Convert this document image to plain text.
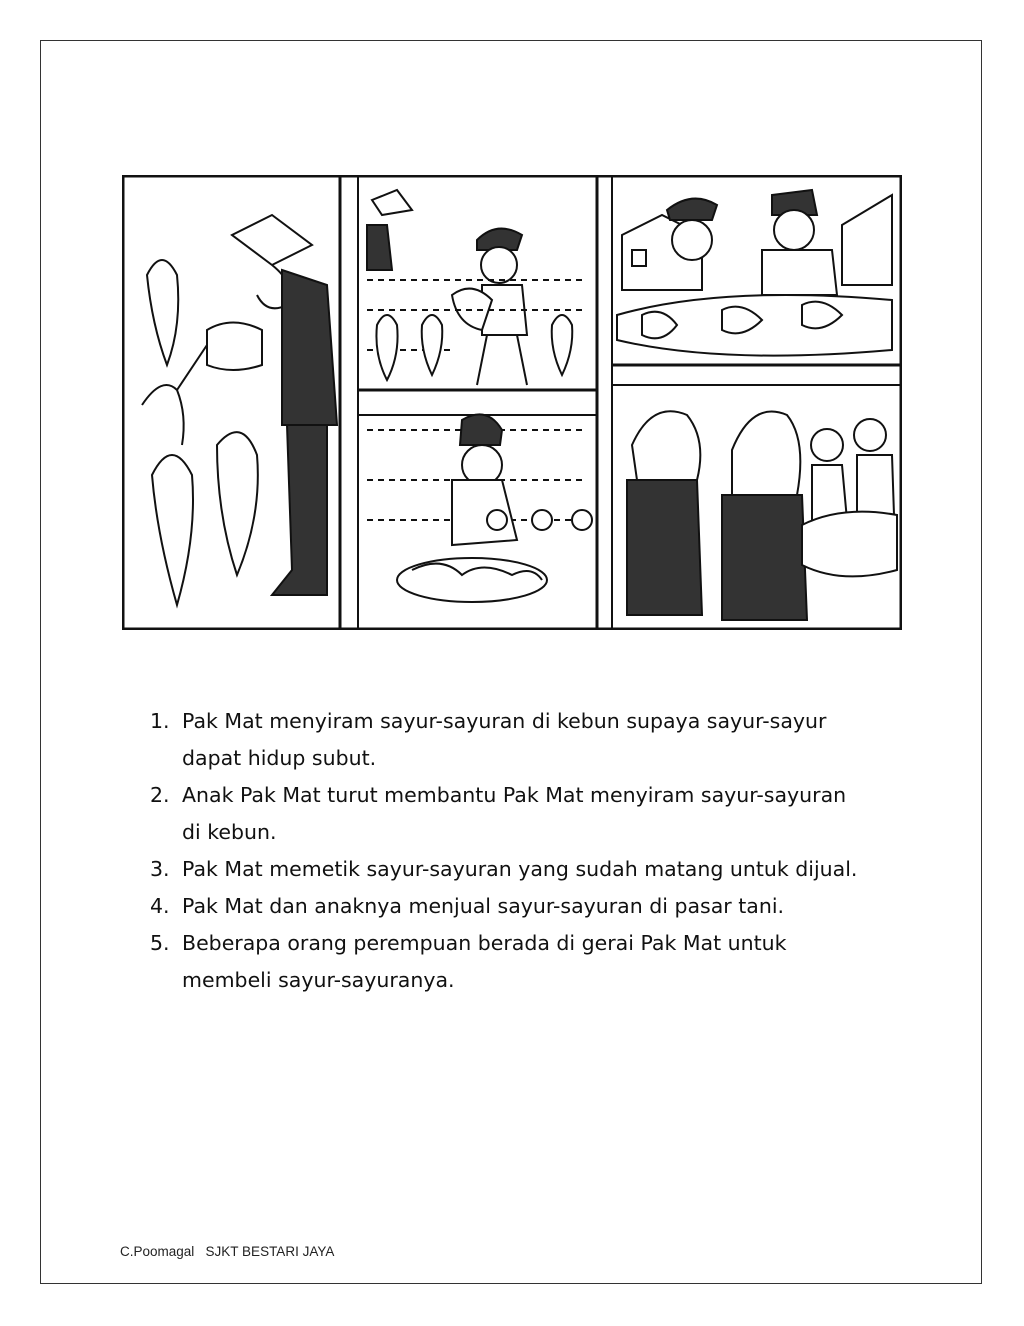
1. Pak Mat menyiram sayur-sayuran di kebun supaya sayur-sayur
dapat hidup subut.
2. Anak Pak Mat turut membantu Pak Mat menyiram sayur-sayuran
di kebun.
3. Pak Mat memetik sayur-sayuran yang sudah matang untuk dijual.
4. Pak Mat dan anaknya menjual sayur-sayuran di pasar tani.
5. Beberapa orang perempuan berada di gerai Pak Mat untuk
membeli sayur-sayuranya.
C.Poomagal   SJKT BESTARI JAYA
